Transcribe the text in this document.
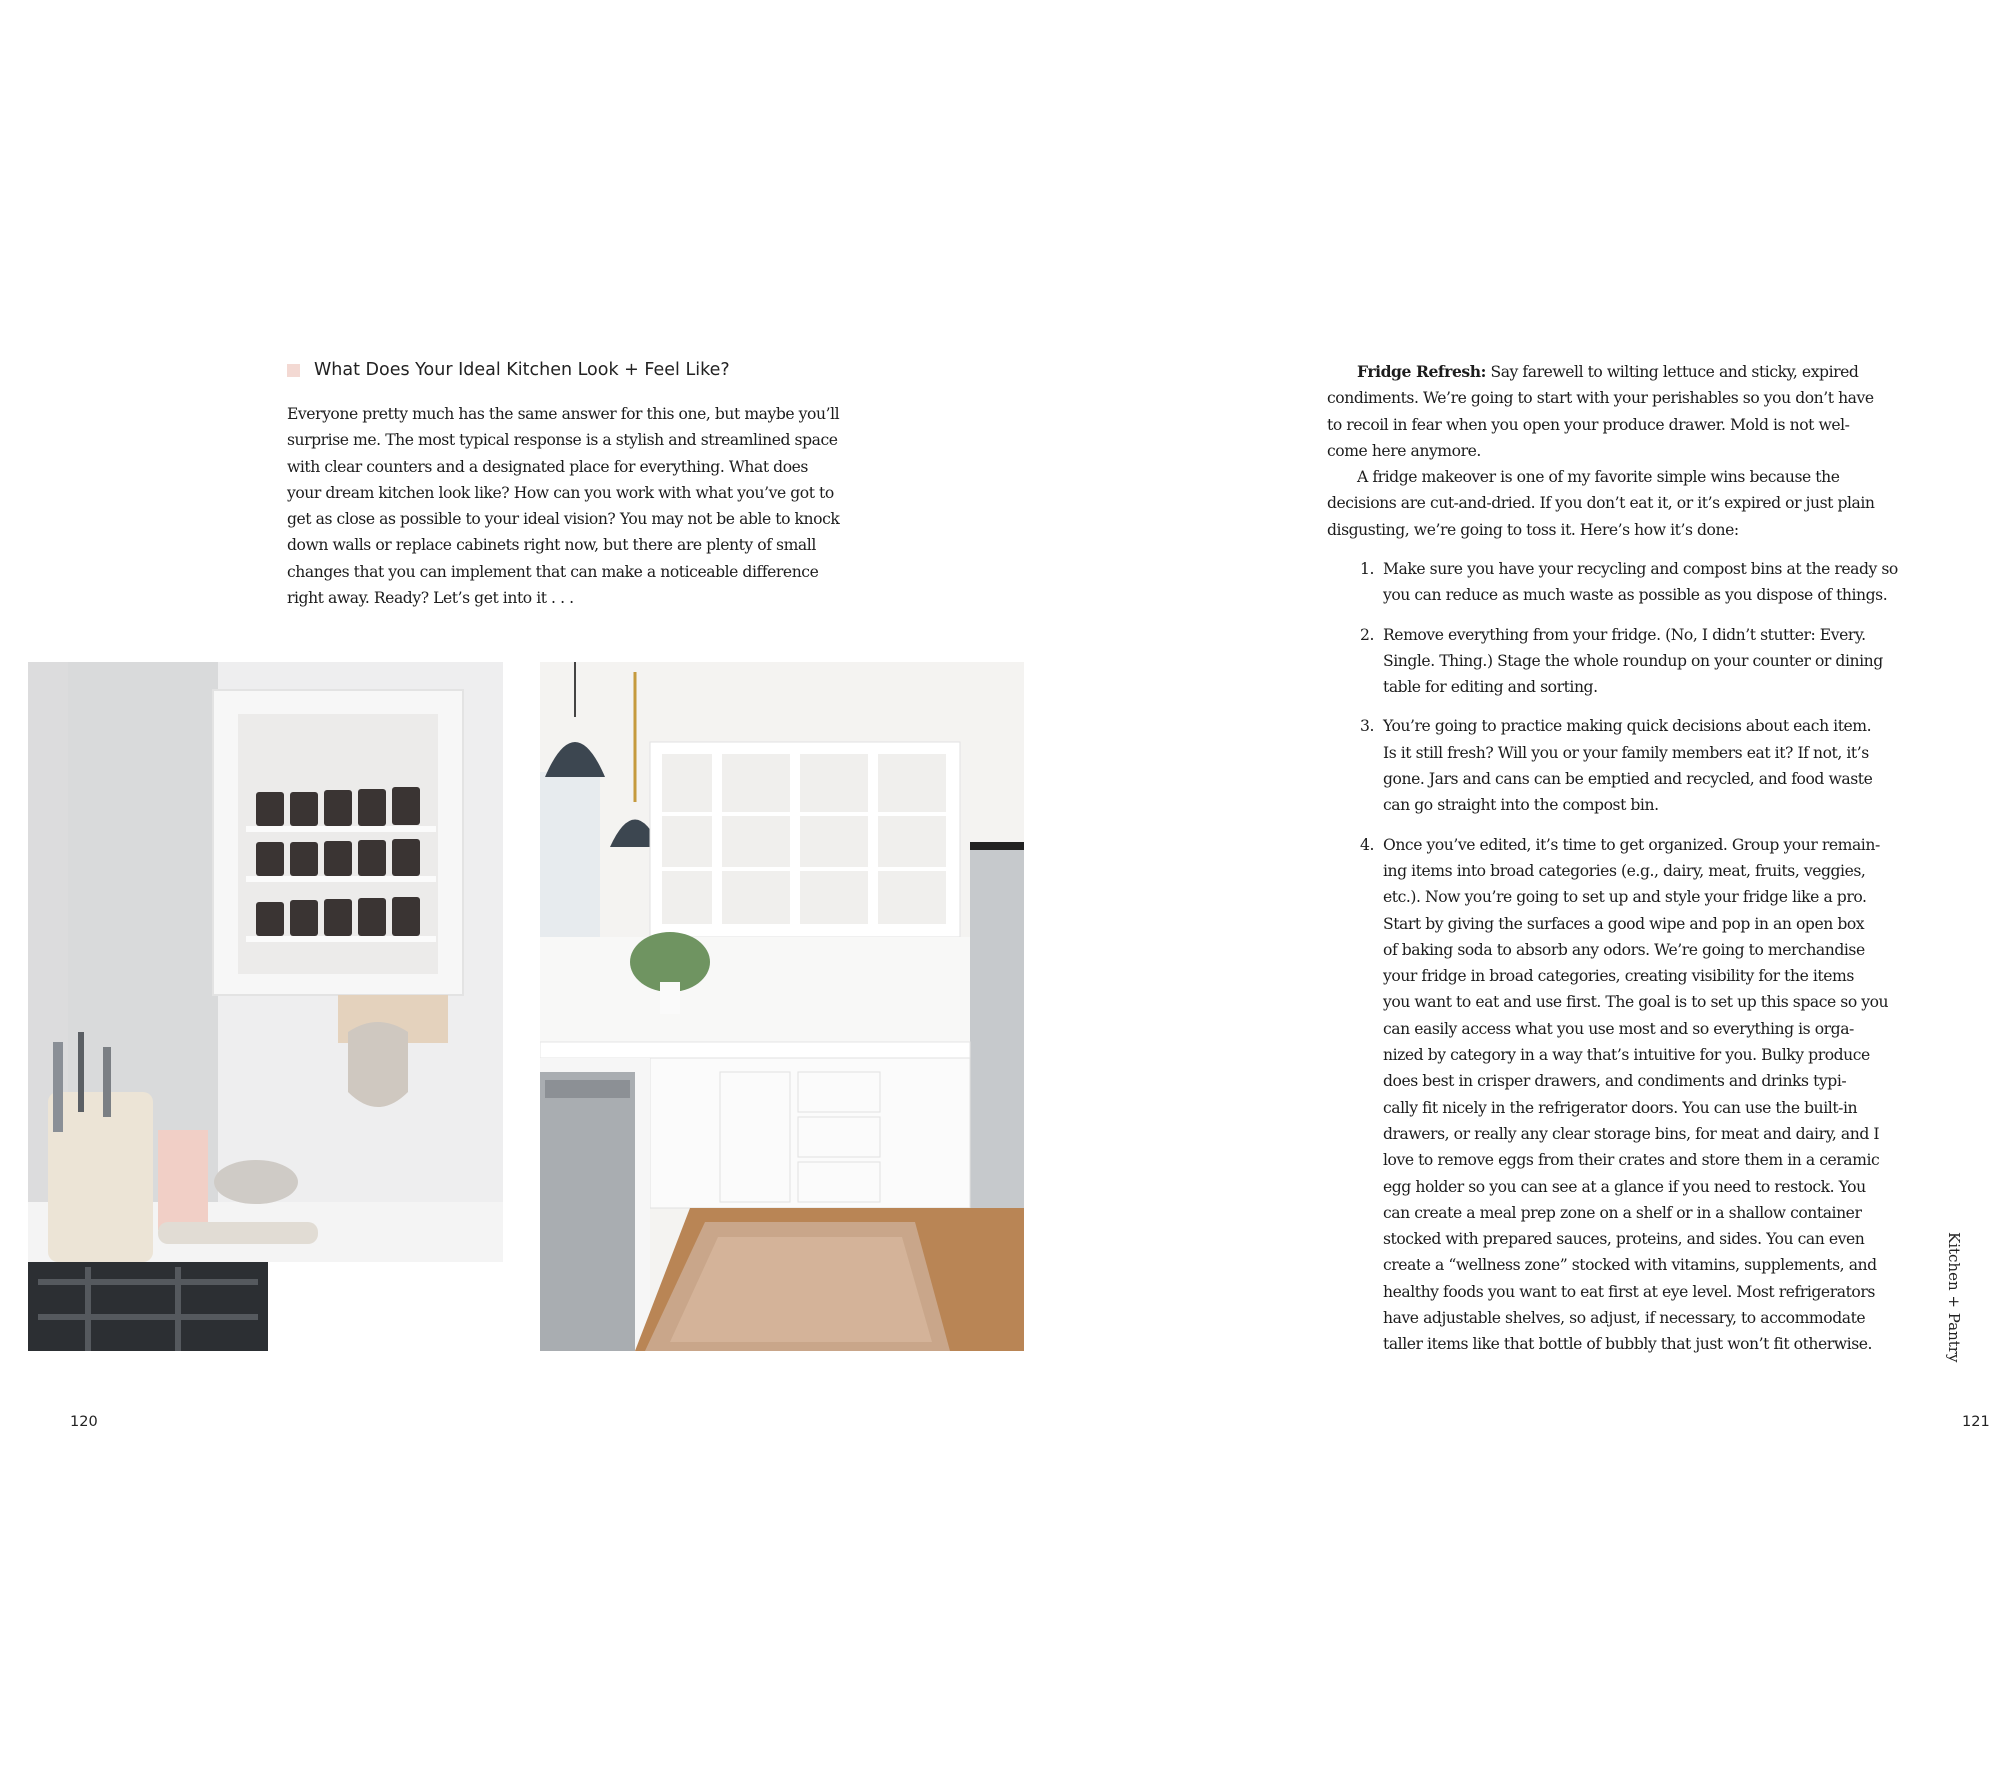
What Does Your Ideal Kitchen Look + Feel Like?

Everyone pretty much has the same answer for this one, but maybe you’ll
surprise me. The most typical response is a stylish and streamlined space
with clear counters and a designated place for everything. What does
your dream kitchen look like? How can you work with what you’ve got to
get as close as possible to your ideal vision? You may not be able to knock
down walls or replace cabinets right now, but there are plenty of small
changes that you can implement that can make a noticeable difference
right away. Ready? Let’s get into it . . .

120

Fridge Refresh: Say farewell to wilting lettuce and sticky, expired
condiments. We’re going to start with your perishables so you don’t have
to recoil in fear when you open your produce drawer. Mold is not wel-
come here anymore.
A fridge makeover is one of my favorite simple wins because the
decisions are cut-and-dried. If you don’t eat it, or it’s expired or just plain
disgusting, we’re going to toss it. Here’s how it’s done:

1. Make sure you have your recycling and compost bins at the ready so
you can reduce as much waste as possible as you dispose of things.
2. Remove everything from your fridge. (No, I didn’t stutter: Every.
Single. Thing.) Stage the whole roundup on your counter or dining
table for editing and sorting.
3. You’re going to practice making quick decisions about each item.
Is it still fresh? Will you or your family members eat it? If not, it’s
gone. Jars and cans can be emptied and recycled, and food waste
can go straight into the compost bin.
4. Once you’ve edited, it’s time to get organized. Group your remain-
ing items into broad categories (e.g., dairy, meat, fruits, veggies,
etc.). Now you’re going to set up and style your fridge like a pro.
Start by giving the surfaces a good wipe and pop in an open box
of baking soda to absorb any odors. We’re going to merchandise
your fridge in broad categories, creating visibility for the items
you want to eat and use first. The goal is to set up this space so you
can easily access what you use most and so everything is orga-
nized by category in a way that’s intuitive for you. Bulky produce
does best in crisper drawers, and condiments and drinks typi-
cally fit nicely in the refrigerator doors. You can use the built-in
drawers, or really any clear storage bins, for meat and dairy, and I
love to remove eggs from their crates and store them in a ceramic
egg holder so you can see at a glance if you need to restock. You
can create a meal prep zone on a shelf or in a shallow container
stocked with prepared sauces, proteins, and sides. You can even
create a “wellness zone” stocked with vitamins, supplements, and
healthy foods you want to eat first at eye level. Most refrigerators
have adjustable shelves, so adjust, if necessary, to accommodate
taller items like that bottle of bubbly that just won’t fit otherwise.	Kitchen + Pantry
121
